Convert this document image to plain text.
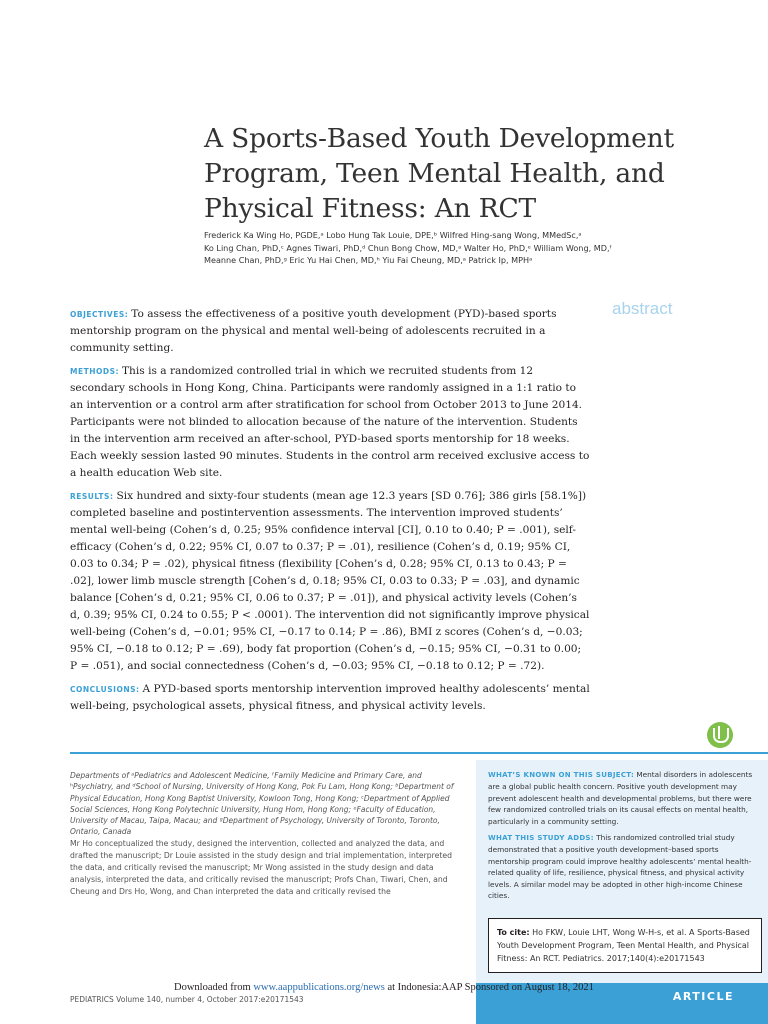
A Sports-Based Youth Development Program, Teen Mental Health, and Physical Fitness: An RCT
Frederick Ka Wing Ho, PGDE,ᵃ Lobo Hung Tak Louie, DPE,ᵇ Wilfred Hing-sang Wong, MMedSc,ᵃ
Ko Ling Chan, PhD,ᶜ Agnes Tiwari, PhD,ᵈ Chun Bong Chow, MD,ᵃ Walter Ho, PhD,ᵉ William Wong, MD,ᶠ
Meanne Chan, PhD,ᵍ Eric Yu Hai Chen, MD,ʰ Yiu Fai Cheung, MD,ᵃ Patrick Ip, MPHᵃ
abstract

OBJECTIVES: To assess the effectiveness of a positive youth development (PYD)-based sports mentorship program on the physical and mental well-being of adolescents recruited in a community setting.

METHODS: This is a randomized controlled trial in which we recruited students from 12 secondary schools in Hong Kong, China. Participants were randomly assigned in a 1:1 ratio to an intervention or a control arm after stratification for school from October 2013 to June 2014. Participants were not blinded to allocation because of the nature of the intervention. Students in the intervention arm received an after-school, PYD-based sports mentorship for 18 weeks. Each weekly session lasted 90 minutes. Students in the control arm received exclusive access to a health education Web site.

RESULTS: Six hundred and sixty-four students (mean age 12.3 years [SD 0.76]; 386 girls [58.1%]) completed baseline and postintervention assessments. The intervention improved students’ mental well-being (Cohen’s d, 0.25; 95% confidence interval [CI], 0.10 to 0.40; P = .001), self-efficacy (Cohen’s d, 0.22; 95% CI, 0.07 to 0.37; P = .01), resilience (Cohen’s d, 0.19; 95% CI, 0.03 to 0.34; P = .02), physical fitness (flexibility [Cohen’s d, 0.28; 95% CI, 0.13 to 0.43; P = .02], lower limb muscle strength [Cohen’s d, 0.18; 95% CI, 0.03 to 0.33; P = .03], and dynamic balance [Cohen’s d, 0.21; 95% CI, 0.06 to 0.37; P = .01]), and physical activity levels (Cohen’s d, 0.39; 95% CI, 0.24 to 0.55; P < .0001). The intervention did not significantly improve physical well-being (Cohen’s d, −0.01; 95% CI, −0.17 to 0.14; P = .86), BMI z scores (Cohen’s d, −0.03; 95% CI, −0.18 to 0.12; P = .69), body fat proportion (Cohen’s d, −0.15; 95% CI, −0.31 to 0.00; P = .051), and social connectedness (Cohen’s d, −0.03; 95% CI, −0.18 to 0.12; P = .72).

CONCLUSIONS: A PYD-based sports mentorship intervention improved healthy adolescents’ mental well-being, psychological assets, physical fitness, and physical activity levels.

Departments of ᵃPediatrics and Adolescent Medicine, ᶠFamily Medicine and Primary Care, and ʰPsychiatry, and ᵈSchool of Nursing, University of Hong Kong, Pok Fu Lam, Hong Kong; ᵇDepartment of Physical Education, Hong Kong Baptist University, Kowloon Tong, Hong Kong; ᶜDepartment of Applied Social Sciences, Hong Kong Polytechnic University, Hung Hom, Hong Kong; ᵉFaculty of Education, University of Macau, Taipa, Macau; and ᵍDepartment of Psychology, University of Toronto, Toronto, Ontario, Canada
Mr Ho conceptualized the study, designed the intervention, collected and analyzed the data, and drafted the manuscript; Dr Louie assisted in the study design and trial implementation, interpreted the data, and critically revised the manuscript; Mr Wong assisted in the study design and data analysis, interpreted the data, and critically revised the manuscript; Profs Chan, Tiwari, Chen, and Cheung and Drs Ho, Wong, and Chan interpreted the data and critically revised the

WHAT’S KNOWN ON THIS SUBJECT: Mental disorders in adolescents are a global public health concern. Positive youth development may prevent adolescent health and developmental problems, but there were few randomized controlled trials on its causal effects on mental health, particularly in a community setting.

WHAT THIS STUDY ADDS: This randomized controlled trial study demonstrated that a positive youth development–based sports mentorship program could improve healthy adolescents’ mental health-related quality of life, resilience, physical fitness, and physical activity levels. A similar model may be adopted in other high-income Chinese cities.

To cite: Ho FKW, Louie LHT, Wong W-H-s, et al. A Sports-Based Youth Development Program, Teen Mental Health, and Physical Fitness: An RCT. Pediatrics. 2017;140(4):e20171543
ARTICLE
Downloaded from www.aappublications.org/news at Indonesia:AAP Sponsored on August 18, 2021
PEDIATRICS Volume 140, number 4, October 2017:e20171543
